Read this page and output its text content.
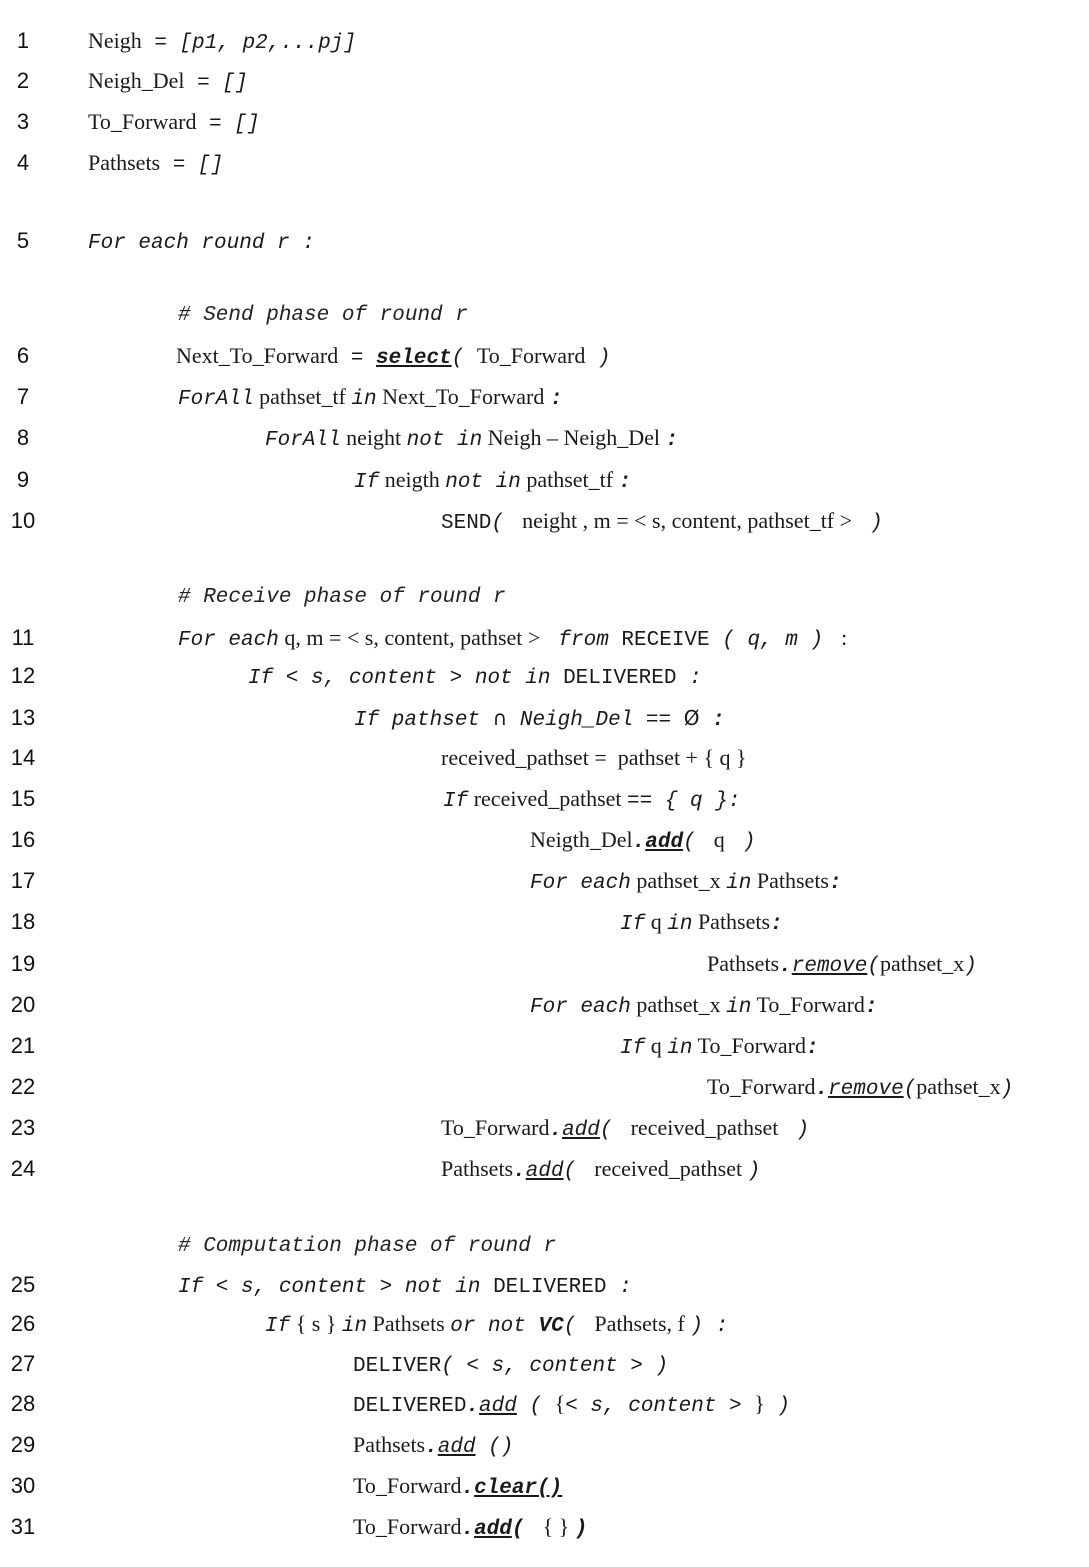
1	Neigh = [p1, p2,...pj]
2	Neigh_Del = []
3	To_Forward = []
4	Pathsets = []
5	For each round r :
# Send phase of round r
6	Next_To_Forward = select( To_Forward )
7	ForAll pathset_tf in Next_To_Forward :
8	ForAll neight not in Neigh – Neigh_Del :
9	If neigth not in pathset_tf :
10	SEND(  neight , m = < s, content, pathset_tf >  )
# Receive phase of round r
11	For each q, m = < s, content, pathset >  from RECEIVE ( q, m )  :
12	If < s, content > not in DELIVERED :
13	If pathset ∩ Neigh_Del == Ø :
14	received_pathset =  pathset + { q }
15	If received_pathset == { q }:
16	Neigth_Del.add(  q  )
17	For each pathset_x in Pathsets:
18	If q in Pathsets:
19	Pathsets.remove(pathset_x)
20	For each pathset_x in To_Forward:
21	If q in To_Forward:
22	To_Forward.remove(pathset_x)
23	To_Forward.add(  received_pathset  )
24	Pathsets.add(  received_pathset )
# Computation phase of round r
25	If < s, content > not in DELIVERED :
26	If { s } in Pathsets or not VC(  Pathsets, f ) :
27	DELIVER( < s, content > )
28	DELIVERED.add ( {< s, content > } )
29	Pathsets.add ()
30	To_Forward.clear()
31	To_Forward.add(  { } )
